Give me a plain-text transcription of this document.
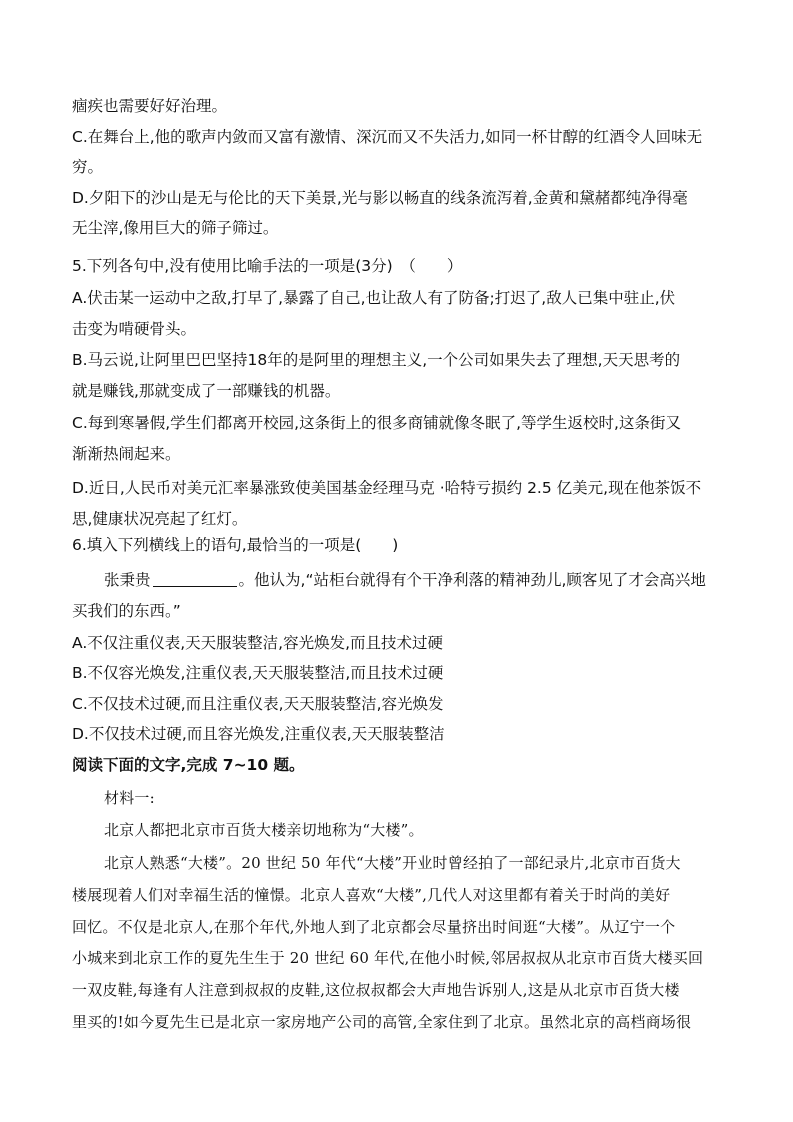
痼疾也需要好好治理。
C.在舞台上,他的歌声内敛而又富有激情、深沉而又不失活力,如同一杯甘醇的红酒令人回味无
穷。
D.夕阳下的沙山是无与伦比的天下美景,光与影以畅直的线条流泻着,金黄和黛赭都纯净得毫
无尘滓,像用巨大的筛子筛过。
5.下列各句中,没有使用比喻手法的一项是(3分)　（　　）
A.伏击某一运动中之敌,打早了,暴露了自己,也让敌人有了防备;打迟了,敌人已集中驻止,伏
击变为啃硬骨头。
B.马云说,让阿里巴巴坚持18年的是阿里的理想主义,一个公司如果失去了理想,天天思考的
就是赚钱,那就变成了一部赚钱的机器。
C.每到寒暑假,学生们都离开校园,这条街上的很多商铺就像冬眠了,等学生返校时,这条街又
渐渐热闹起来。
D.近日,人民币对美元汇率暴涨致使美国基金经理马克 ·哈特亏损约 2.5 亿美元,现在他茶饭不
思,健康状况亮起了红灯。
6.填入下列横线上的语句,最恰当的一项是(　　)
张秉贵	。他认为,“站柜台就得有个干净利落的精神劲儿,顾客见了才会高兴地
买我们的东西。”
A.不仅注重仪表,天天服装整洁,容光焕发,而且技术过硬
B.不仅容光焕发,注重仪表,天天服装整洁,而且技术过硬
C.不仅技术过硬,而且注重仪表,天天服装整洁,容光焕发
D.不仅技术过硬,而且容光焕发,注重仪表,天天服装整洁
阅读下面的文字,完成 7~10 题。
材料一:
北京人都把北京市百货大楼亲切地称为“大楼”。
北京人熟悉“大楼”。20 世纪 50 年代“大楼”开业时曾经拍了一部纪录片,北京市百货大
楼展现着人们对幸福生活的憧憬。北京人喜欢“大楼”,几代人对这里都有着关于时尚的美好
回忆。不仅是北京人,在那个年代,外地人到了北京都会尽量挤出时间逛“大楼”。从辽宁一个
小城来到北京工作的夏先生生于 20 世纪 60 年代,在他小时候,邻居叔叔从北京市百货大楼买回
一双皮鞋,每逢有人注意到叔叔的皮鞋,这位叔叔都会大声地告诉别人,这是从北京市百货大楼
里买的!如今夏先生已是北京一家房地产公司的高管,全家住到了北京。虽然北京的高档商场很
